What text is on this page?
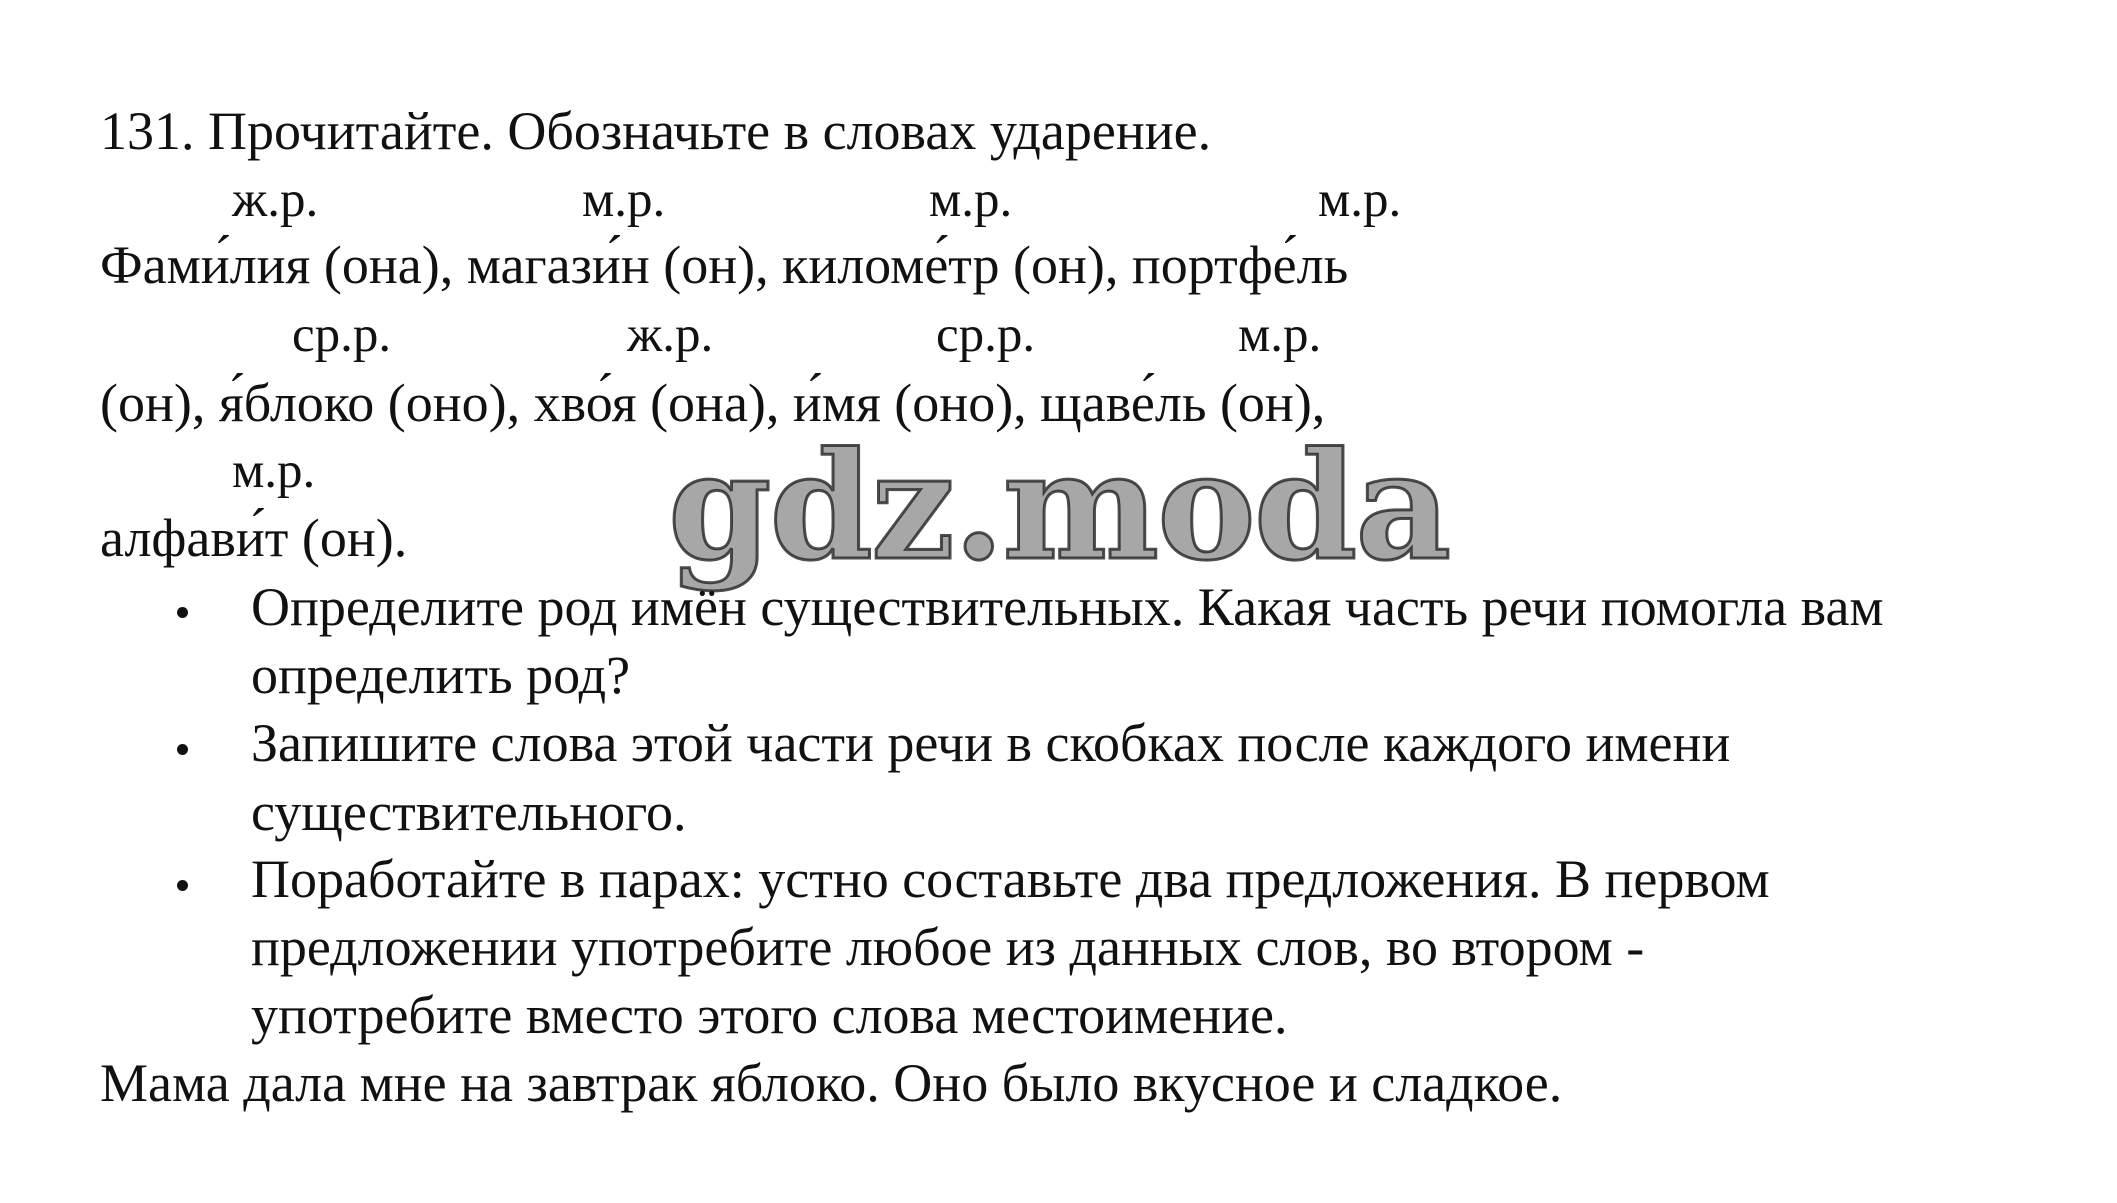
131. Прочитайте. Обозначьте в словах ударение.
ж.р.	м.р.	м.р.	м.р.
Фами́лия (она), магази́н (он), киломе́тр (он), портфе́ль
ср.р.	ж.р.	ср.р.	м.р.
(он), я́блоко (оно), хво́я (она), и́мя (оно), щаве́ль (он),
м.р.
алфави́т (он). gdz.moda
Определите род имён существительных. Какая часть речи помогла вам
определить род?
Запишите слова этой части речи в скобках после каждого имени
существительного.
Поработайте в парах: устно составьте два предложения. В первом
предложении употребите любое из данных слов, во втором -
употребите вместо этого слова местоимение.
Мама дала мне на завтрак яблоко. Оно было вкусное и сладкое.
